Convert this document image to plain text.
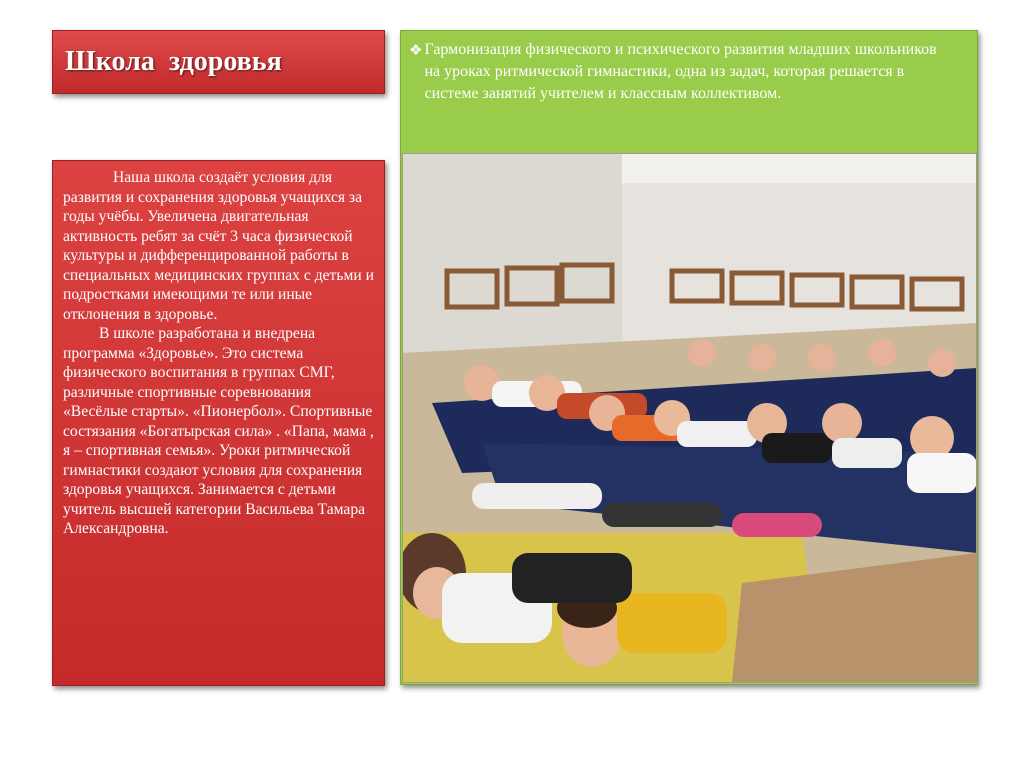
Школа  здоровья

Наша школа создаёт условия для развития и сохранения здоровья учащихся за годы учёбы. Увеличена двигательная активность ребят за счёт 3 часа физической культуры и дифференцированной работы в специальных медицинских группах с детьми и подростками имеющими те или иные отклонения в здоровье.

В школе разработана и внедрена программа «Здоровье». Это система физического воспитания в группах СМГ, различные спортивные соревнования «Весёлые старты». «Пионербол». Спортивные состязания «Богатырская сила» . «Папа, мама , я – спортивная семья». Уроки ритмической гимнастики создают условия для сохранения здоровья учащихся. Занимается с детьми учитель высшей категории Васильева Тамара Александровна.

❖ Гармонизация физического и психического развития младших школьников на уроках ритмической гимнастики, одна из задач, которая решается в системе занятий учителем и классным коллективом.
